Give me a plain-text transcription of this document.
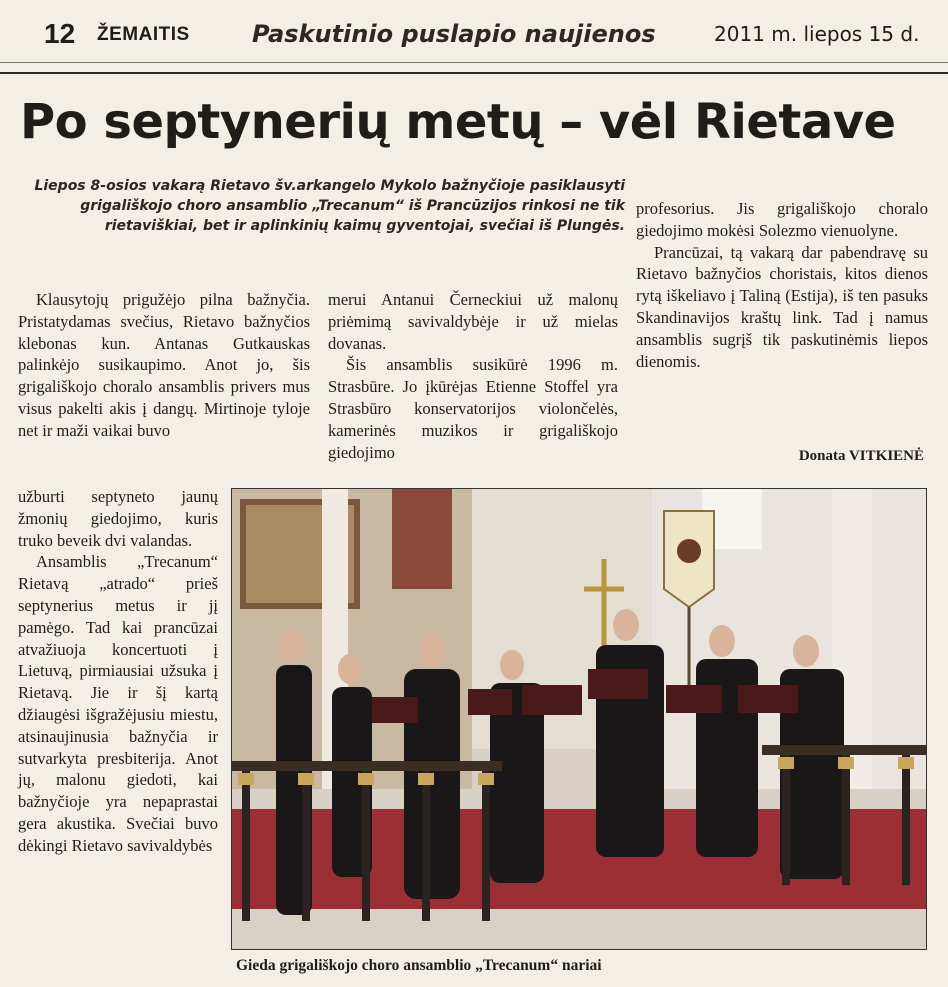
12 ŽEMAITIS	Paskutinio puslapio naujienos	2011 m. liepos 15 d.
Po septynerių metų – vėl Rietave
Liepos 8-osios vakarą Rietavo šv.arkangelo Mykolo bažnyčioje pasiklausyti grigališkojo choro ansamblio „Trecanum“ iš Prancūzijos rinkosi ne tik rietaviškiai, bet ir aplinkinių kaimų gyventojai, svečiai iš Plungės.

Klausytojų prigužėjo pilna bažnyčia. Pristatydamas svečius, Rietavo bažnyčios klebonas kun. Antanas Gutkauskas palinkėjo susikaupimo. Anot jo, šis grigališkojo choralo ansamblis privers mus visus pakelti akis į dangų. Mirtinoje tyloje net ir maži vaikai buvo

užburti septyneto jaunų žmonių giedojimo, kuris truko beveik dvi valandas.

Ansamblis „Trecanum“ Rietavą „atrado“ prieš septynerius metus ir jį pamėgo. Tad kai prancūzai atvažiuoja koncertuoti į Lietuvą, pirmiausiai užsuka į Rietavą. Jie ir šį kartą džiaugėsi išgražėjusiu miestu, atsinaujinusia bažnyčia ir sutvarkyta presbiterija. Anot jų, malonu giedoti, kai bažnyčioje yra nepaprastai gera akustika. Svečiai buvo dėkingi Rietavo savivaldybės

merui Antanui Černeckiui už malonų priėmimą savivaldybėje ir už mielas dovanas.

Šis ansamblis susikūrė 1996 m. Strasbūre. Jo įkūrėjas Etienne Stoffel yra Strasbūro konservatorijos violončelės, kamerinės muzikos ir grigališkojo giedojimo

profesorius. Jis grigališkojo choralo giedojimo mokėsi Solezmo vienuolyne.

Prancūzai, tą vakarą dar pabendravę su Rietavo bažnyčios choristais, kitos dienos rytą iškeliavo į Taliną (Estija), iš ten pasuks Skandinavijos kraštų link. Tad į namus ansamblis sugrįš tik paskutinėmis liepos dienomis.

Donata VITKIENĖ
Gieda grigališkojo choro ansamblio „Trecanum“ nariai
